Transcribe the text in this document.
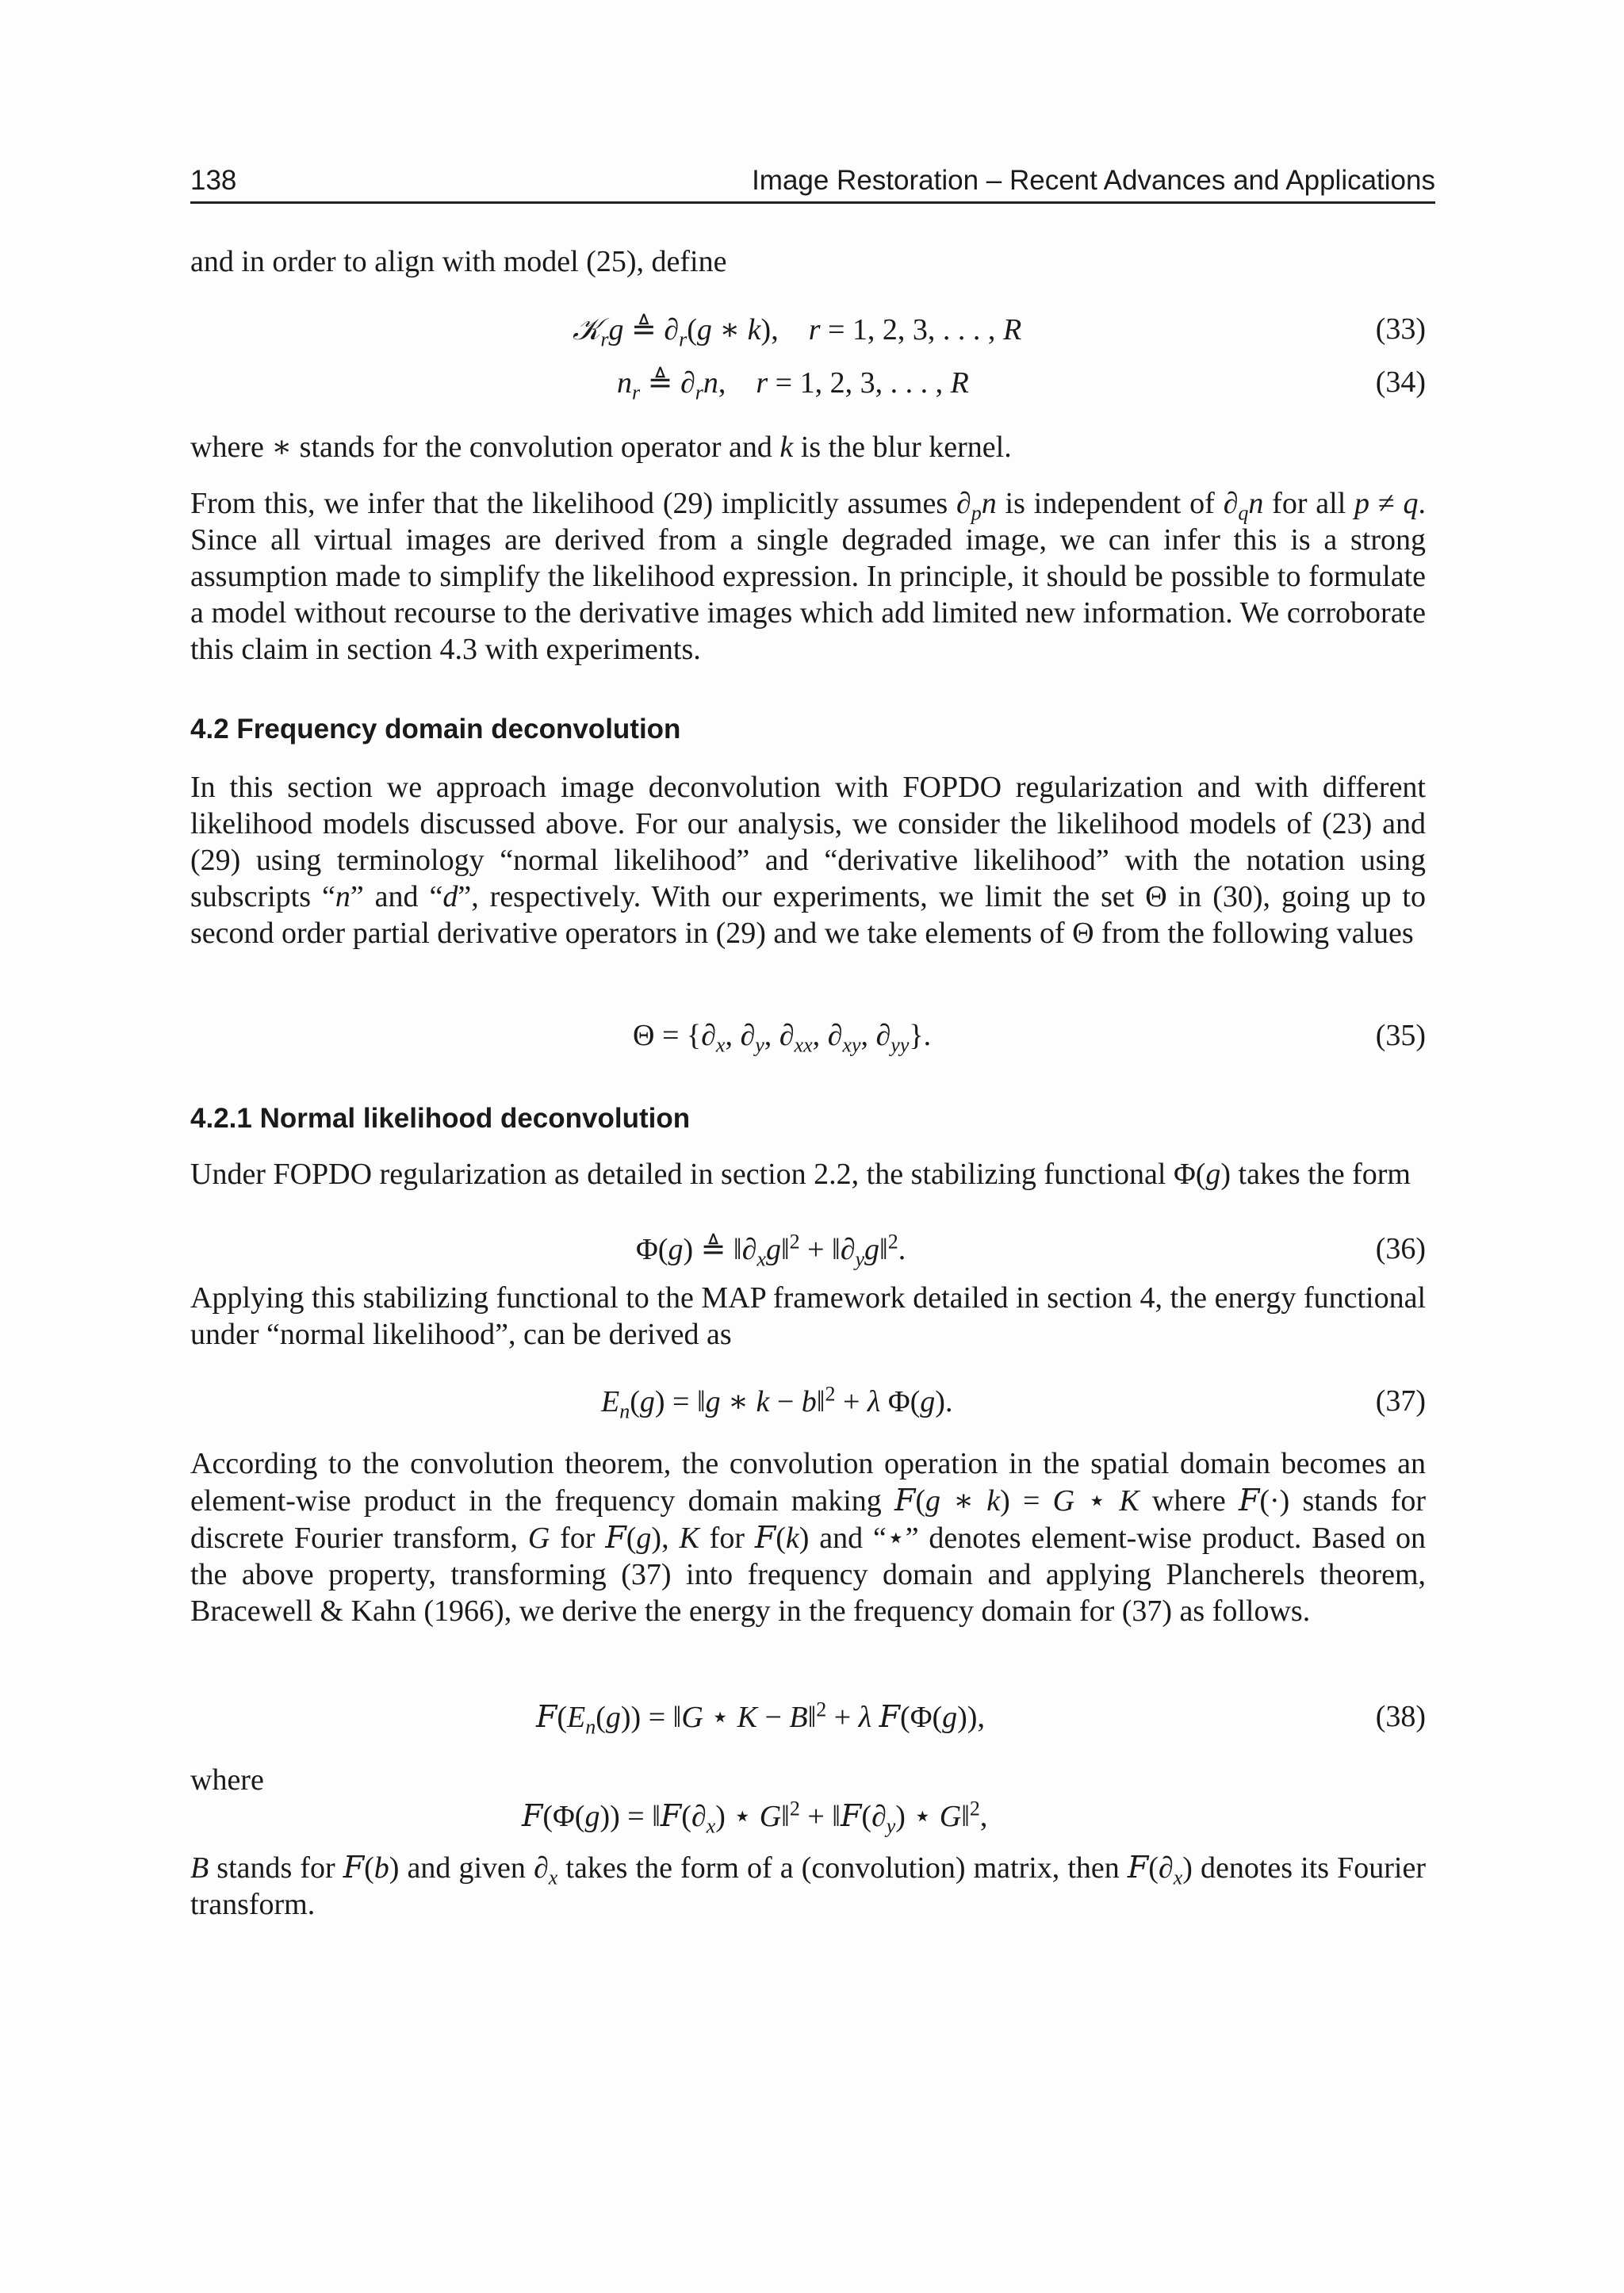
138	Image Restoration – Recent Advances and Applications

and in order to align with model (25), define

𝒦$_r$g ≜ $\partial_r(g$ ∗ k),    r = 1, 2, 3, . . . , R	(33)
$n_r$ ≜ $\partial_rn$,    r = 1, 2, 3, . . . , R	(34)

where ∗ stands for the convolution operator and k is the blur kernel.

From this, we infer that the likelihood (29) implicitly assumes $\partial_pn$ is independent of $\partial_qn$ for all p ≠ q. Since all virtual images are derived from a single degraded image, we can infer this is a strong assumption made to simplify the likelihood expression. In principle, it should be possible to formulate a model without recourse to the derivative images which add limited new information. We corroborate this claim in section 4.3 with experiments.

4.2 Frequency domain deconvolution

In this section we approach image deconvolution with FOPDO regularization and with different likelihood models discussed above. For our analysis, we consider the likelihood models of (23) and (29) using terminology “normal likelihood” and “derivative likelihood” with the notation using subscripts “n” and “d”, respectively. With our experiments, we limit the set Θ in (30), going up to second order partial derivative operators in (29) and we take elements of Θ from the following values

$\Theta = \{\partial_x$, $\partial_y$, $\partial_{xx}$, $\partial_{xy}$, $\partial_{yy}$}.	(35)
4.2.1 Normal likelihood deconvolution

Under FOPDO regularization as detailed in section 2.2, the stabilizing functional Φ(g) takes the form

Φ(g) ≜ $‖\partial_xg‖^2$ + $‖\partial_yg‖^2$.	(36)

Applying this stabilizing functional to the MAP framework detailed in section 4, the energy functional under “normal likelihood”, can be derived as

$E_n(g)$ = ‖g ∗ k − b‖$^2$ + λ Φ(g).	(37)

According to the convolution theorem, the convolution operation in the spatial domain becomes an element-wise product in the frequency domain making F(g ∗ k) = G ⋆ K where F(·) stands for discrete Fourier transform, G for F(g), K for F(k) and “⋆” denotes element-wise product. Based on the above property, transforming (37) into frequency domain and applying Plancherels theorem, Bracewell & Kahn (1966), we derive the energy in the frequency domain for (37) as follows.

$F(E_n(g))$ = ‖G ⋆ K − B‖$^2$ + λ F(Φ(g)),	(38)

where

$F(\Phi(g)) = ‖F(\partial_x)$ ⋆ G‖$^2$ + $‖F(\partial_y)$ ⋆ G‖$^2$,

B stands for F(b) and given $\partial_x$ takes the form of a (convolution) matrix, then $F(\partial_x)$ denotes its Fourier transform.
